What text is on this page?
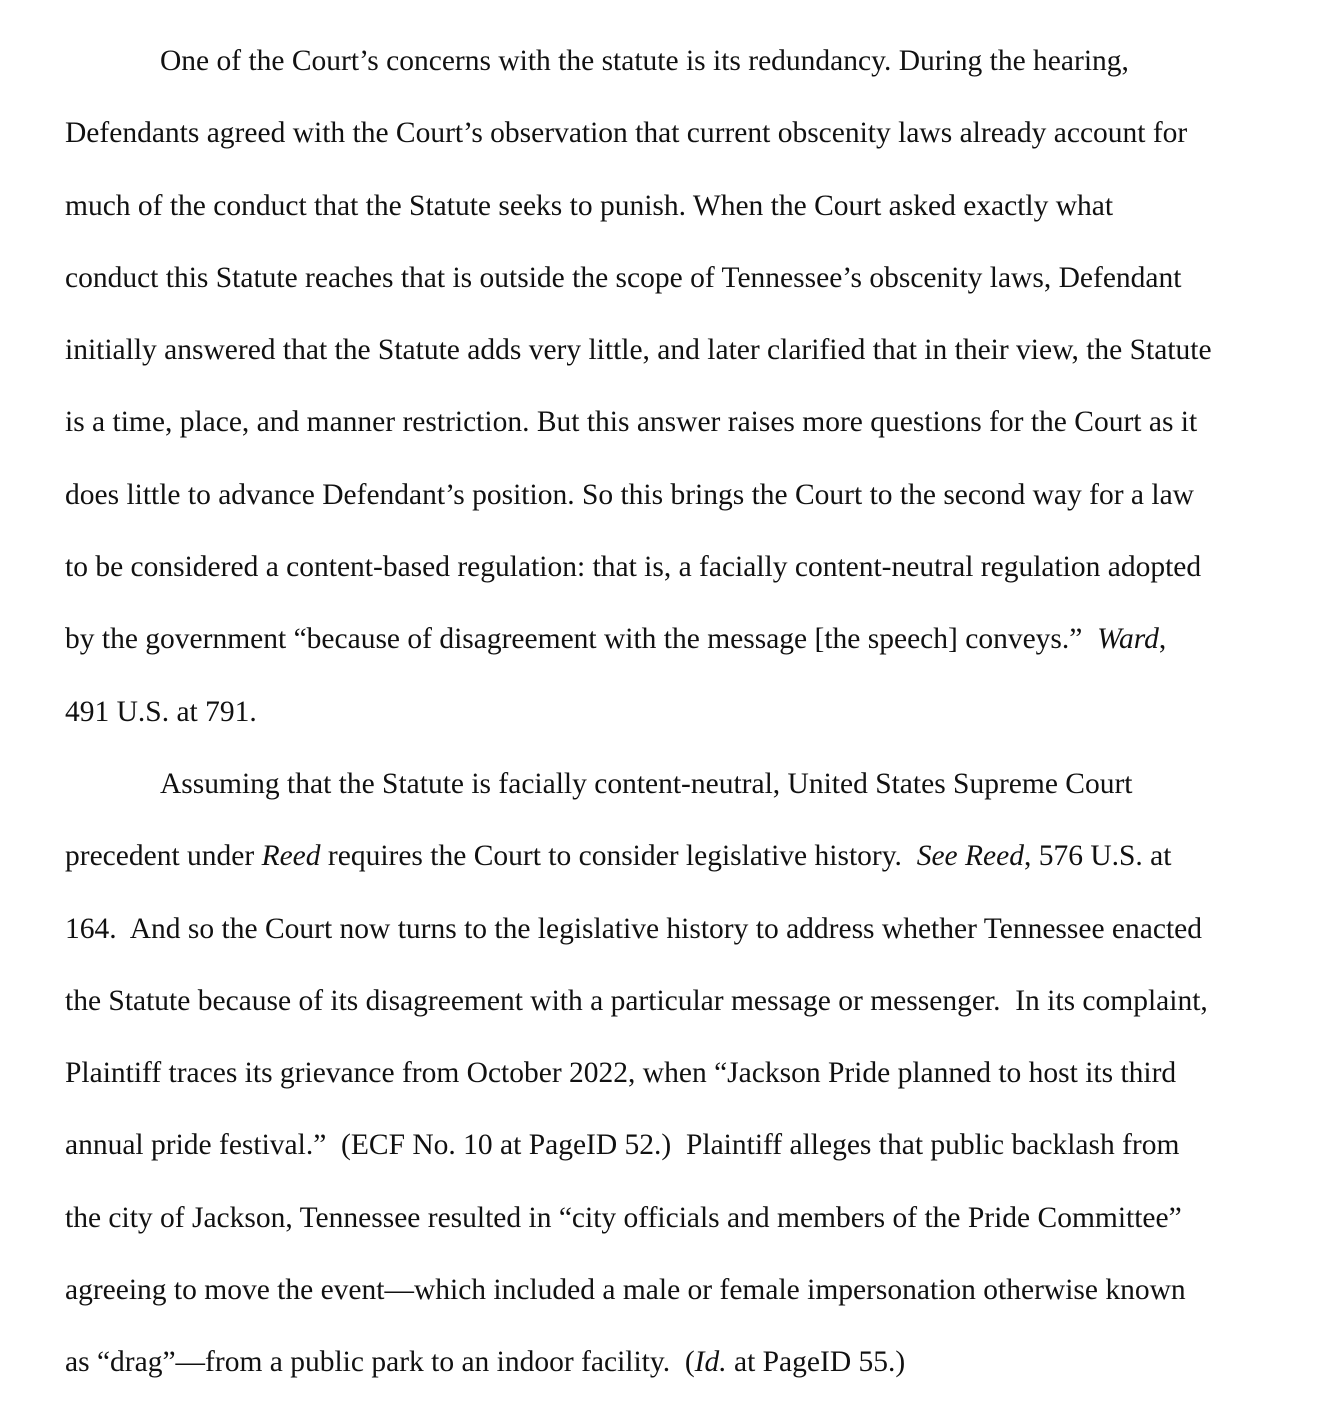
One of the Court’s concerns with the statute is its redundancy. During the hearing,
Defendants agreed with the Court’s observation that current obscenity laws already account for
much of the conduct that the Statute seeks to punish. When the Court asked exactly what
conduct this Statute reaches that is outside the scope of Tennessee’s obscenity laws, Defendant
initially answered that the Statute adds very little, and later clarified that in their view, the Statute
is a time, place, and manner restriction. But this answer raises more questions for the Court as it
does little to advance Defendant’s position. So this brings the Court to the second way for a law
to be considered a content-based regulation: that is, a facially content-neutral regulation adopted
by the government “because of disagreement with the message [the speech] conveys.”  Ward,
491 U.S. at 791.
Assuming that the Statute is facially content-neutral, United States Supreme Court
precedent under Reed requires the Court to consider legislative history.  See Reed, 576 U.S. at
164.  And so the Court now turns to the legislative history to address whether Tennessee enacted
the Statute because of its disagreement with a particular message or messenger.  In its complaint,
Plaintiff traces its grievance from October 2022, when “Jackson Pride planned to host its third
annual pride festival.”  (ECF No. 10 at PageID 52.)  Plaintiff alleges that public backlash from
the city of Jackson, Tennessee resulted in “city officials and members of the Pride Committee”
agreeing to move the event—which included a male or female impersonation otherwise known
as “drag”—from a public park to an indoor facility.  (Id. at PageID 55.)
